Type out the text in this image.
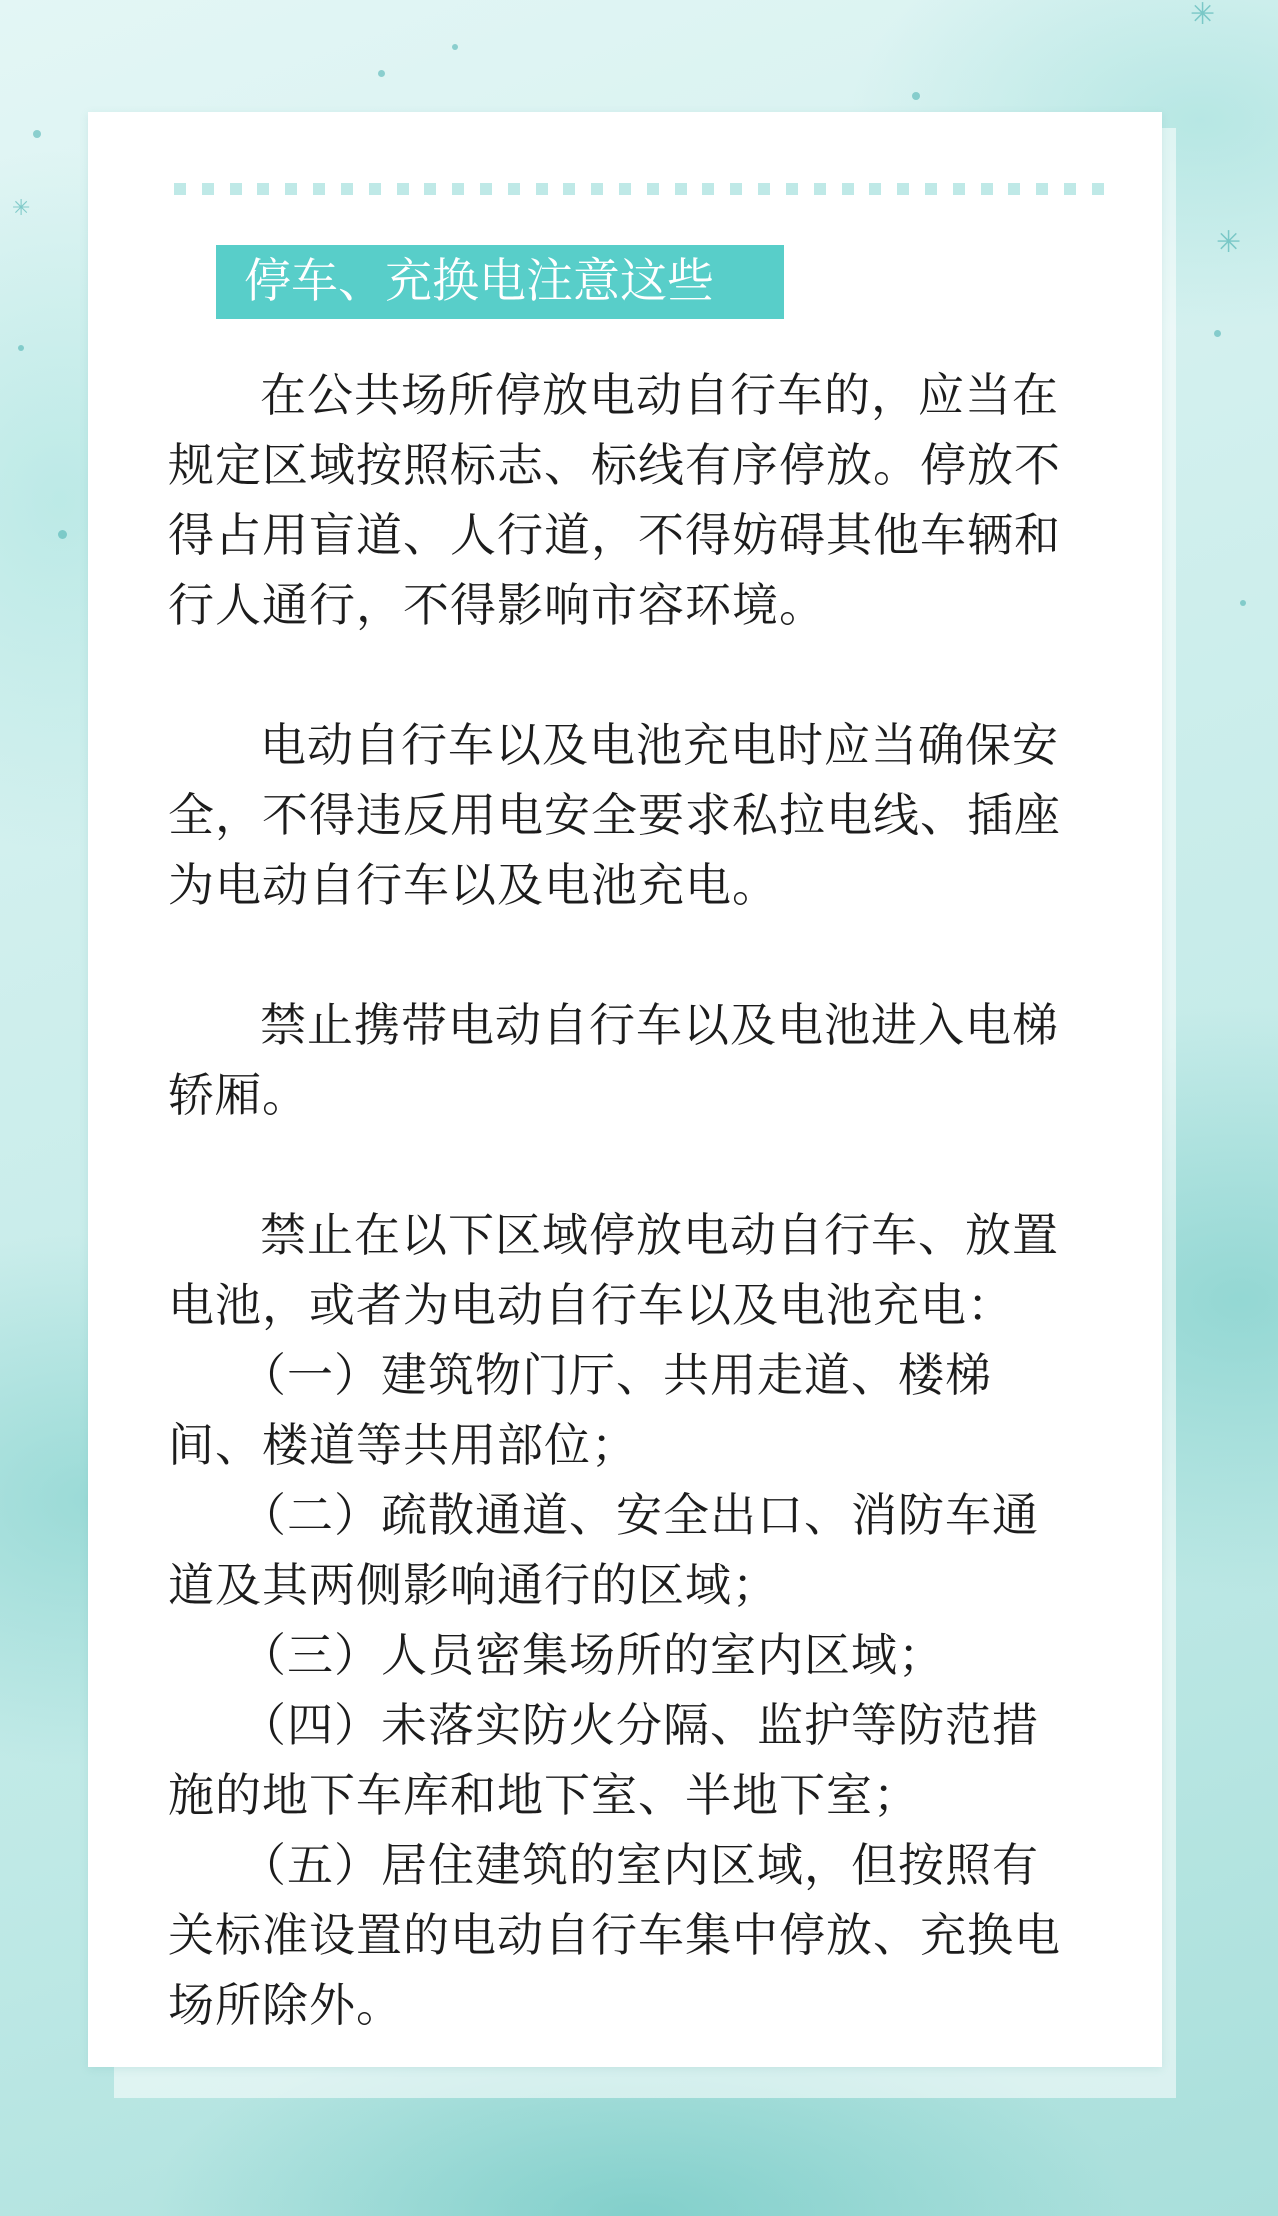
✳
✳
✳
停车、充换电注意这些

在公共场所停放电动自行车的，应当在规定区域按照标志、标线有序停放。停放不得占用盲道、人行道，不得妨碍其他车辆和行人通行，不得影响市容环境。

电动自行车以及电池充电时应当确保安全，不得违反用电安全要求私拉电线、插座为电动自行车以及电池充电。

禁止携带电动自行车以及电池进入电梯轿厢。

禁止在以下区域停放电动自行车、放置电池，或者为电动自行车以及电池充电：

（一）建筑物门厅、共用走道、楼梯间、楼道等共用部位；

（二）疏散通道、安全出口、消防车通道及其两侧影响通行的区域；

（三）人员密集场所的室内区域；

（四）未落实防火分隔、监护等防范措施的地下车库和地下室、半地下室；

（五）居住建筑的室内区域，但按照有关标准设置的电动自行车集中停放、充换电场所除外。
